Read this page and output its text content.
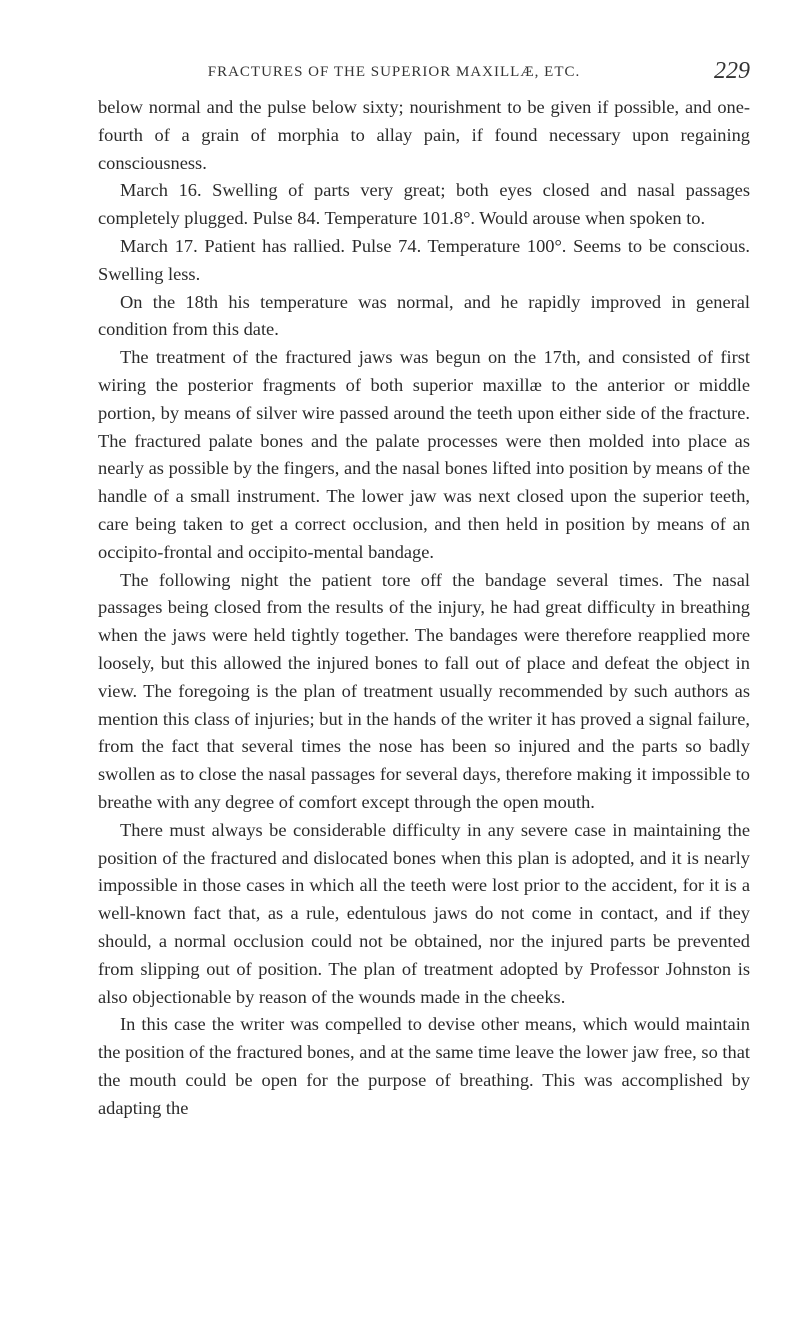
FRACTURES OF THE SUPERIOR MAXILLÆ, ETC.	229

below normal and the pulse below sixty; nourishment to be given if possible, and one-fourth of a grain of morphia to allay pain, if found necessary upon regaining consciousness.

March 16. Swelling of parts very great; both eyes closed and nasal passages completely plugged. Pulse 84. Temperature 101.8°. Would arouse when spoken to.

March 17. Patient has rallied. Pulse 74. Temperature 100°. Seems to be conscious. Swelling less.

On the 18th his temperature was normal, and he rapidly improved in general condition from this date.

The treatment of the fractured jaws was begun on the 17th, and consisted of first wiring the posterior fragments of both superior maxillæ to the anterior or middle portion, by means of silver wire passed around the teeth upon either side of the fracture. The fractured palate bones and the palate processes were then molded into place as nearly as possible by the fingers, and the nasal bones lifted into position by means of the handle of a small instrument. The lower jaw was next closed upon the superior teeth, care being taken to get a correct occlusion, and then held in position by means of an occipito-frontal and occipito-mental bandage.

The following night the patient tore off the bandage several times. The nasal passages being closed from the results of the injury, he had great difficulty in breathing when the jaws were held tightly together. The bandages were therefore reapplied more loosely, but this allowed the injured bones to fall out of place and defeat the object in view. The foregoing is the plan of treatment usually recommended by such authors as mention this class of injuries; but in the hands of the writer it has proved a signal failure, from the fact that several times the nose has been so injured and the parts so badly swollen as to close the nasal passages for several days, therefore making it impossible to breathe with any degree of comfort except through the open mouth.

There must always be considerable difficulty in any severe case in maintaining the position of the fractured and dislocated bones when this plan is adopted, and it is nearly impossible in those cases in which all the teeth were lost prior to the accident, for it is a well-known fact that, as a rule, edentulous jaws do not come in contact, and if they should, a normal occlusion could not be obtained, nor the injured parts be prevented from slipping out of position. The plan of treatment adopted by Professor Johnston is also objectionable by reason of the wounds made in the cheeks.

In this case the writer was compelled to devise other means, which would maintain the position of the fractured bones, and at the same time leave the lower jaw free, so that the mouth could be open for the purpose of breathing. This was accomplished by adapting the
